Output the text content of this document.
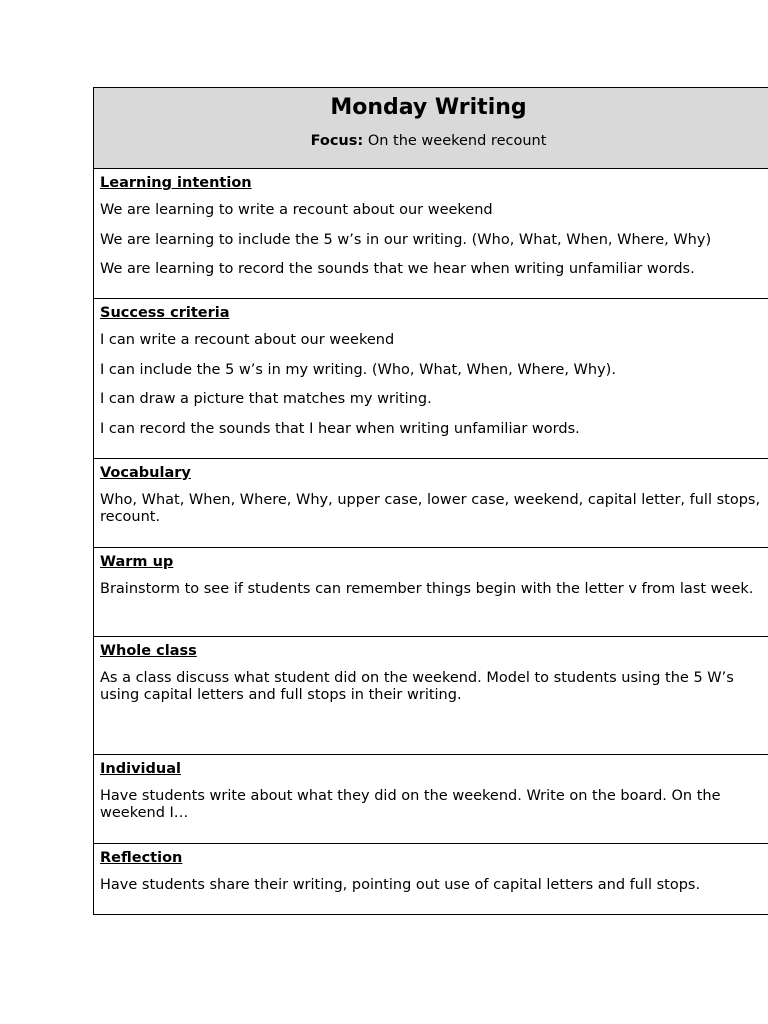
Monday Writing
Focus: On the weekend recount
Learning intention
We are learning to write a recount about our weekend
We are learning to include the 5 w’s in our writing. (Who, What, When, Where, Why)
We are learning to record the sounds that we hear when writing unfamiliar words.
Success criteria
I can write a recount about our weekend
I can include the 5 w’s in my writing. (Who, What, When, Where, Why).
I can draw a picture that matches my writing.
I can record the sounds that I hear when writing unfamiliar words.
Vocabulary
Who, What, When, Where, Why, upper case, lower case, weekend, capital letter, full stops, recount.
Warm up
Brainstorm to see if students can remember things begin with the letter v from last week.
Whole class
As a class discuss what student did on the weekend. Model to students using the 5 W’s
using capital letters and full stops in their writing.
Individual
Have students write about what they did on the weekend. Write on the board. On the weekend I…
Reflection
Have students share their writing, pointing out use of capital letters and full stops.
